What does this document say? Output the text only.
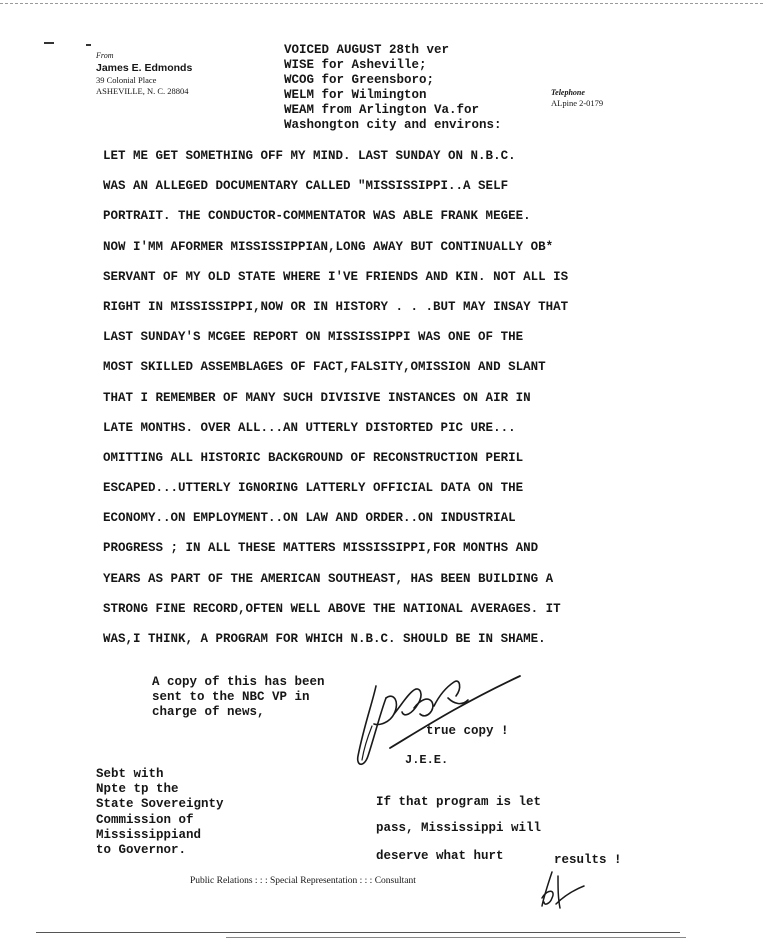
From
James E. Edmonds
39 Colonial Place
ASHEVILLE, N. C. 28804	Telephone
ALpine 2-0179
VOICED AUGUST 28th ver
WISE for Asheville;
WCOG for Greensboro;
WELM for Wilmington
WEAM from Arlington Va.for
Washongton city and environs:
LET ME GET SOMETHING OFF MY MIND. LAST SUNDAY ON N.B.C.
WAS AN ALLEGED DOCUMENTARY CALLED "MISSISSIPPI..A SELF
PORTRAIT. THE CONDUCTOR-COMMENTATOR WAS ABLE FRANK MEGEE.
NOW I'MM AFORMER MISSISSIPPIAN,LONG AWAY BUT CONTINUALLY OB*
SERVANT OF MY OLD STATE WHERE I'VE FRIENDS AND KIN. NOT ALL IS
RIGHT IN MISSISSIPPI,NOW OR IN HISTORY . . .BUT MAY INSAY THAT
LAST SUNDAY'S MCGEE REPORT ON MISSISSIPPI WAS ONE OF THE
MOST SKILLED ASSEMBLAGES OF FACT,FALSITY,OMISSION AND SLANT
THAT I REMEMBER OF MANY SUCH DIVISIVE INSTANCES ON AIR IN
LATE MONTHS. OVER ALL...AN UTTERLY DISTORTED PIC URE...
OMITTING ALL HISTORIC BACKGROUND OF RECONSTRUCTION PERIL
ESCAPED...UTTERLY IGNORING LATTERLY OFFICIAL DATA ON THE
ECONOMY..ON EMPLOYMENT..ON LAW AND ORDER..ON INDUSTRIAL
PROGRESS ; IN ALL THESE MATTERS MISSISSIPPI,FOR MONTHS AND
YEARS AS PART OF THE AMERICAN SOUTHEAST, HAS BEEN BUILDING A
STRONG FINE RECORD,OFTEN WELL ABOVE THE NATIONAL AVERAGES. IT
WAS,I THINK, A PROGRAM FOR WHICH N.B.C. SHOULD BE IN SHAME.
A copy of this has been
sent to the NBC VP in
charge of news,
true copy !
J.E.E.
Sebt with
Npte tp the
State Sovereignty
Commission of
Mississippiand
to Governor.
If that program is let
pass, Mississippi will
deserve what hurt	results !
Public Relations : : : Special Representation : : : Consultant
